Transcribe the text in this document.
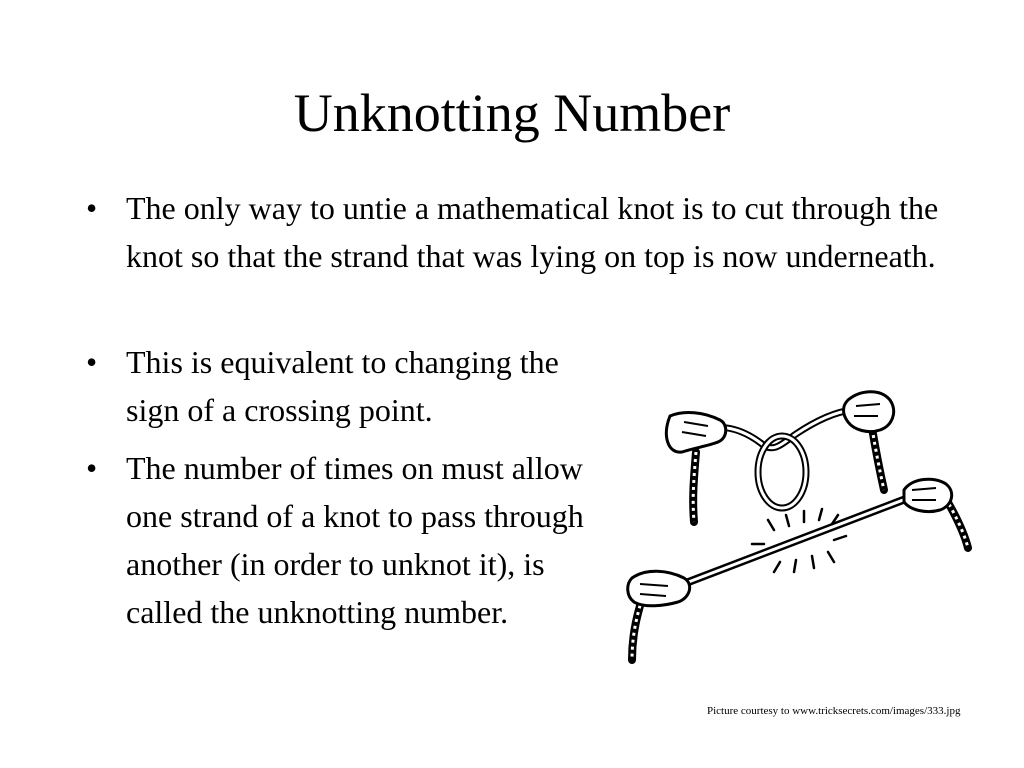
Unknotting Number
• The only way to untie a mathematical knot is to cut through the knot so that the strand that was lying on top is now underneath.
• This is equivalent to changing the sign of a crossing point.
• The number of times on must allow one strand of a knot to pass through another (in order to unknot it), is called the unknotting number.
Picture courtesy to www.tricksecrets.com/images/333.jpg
